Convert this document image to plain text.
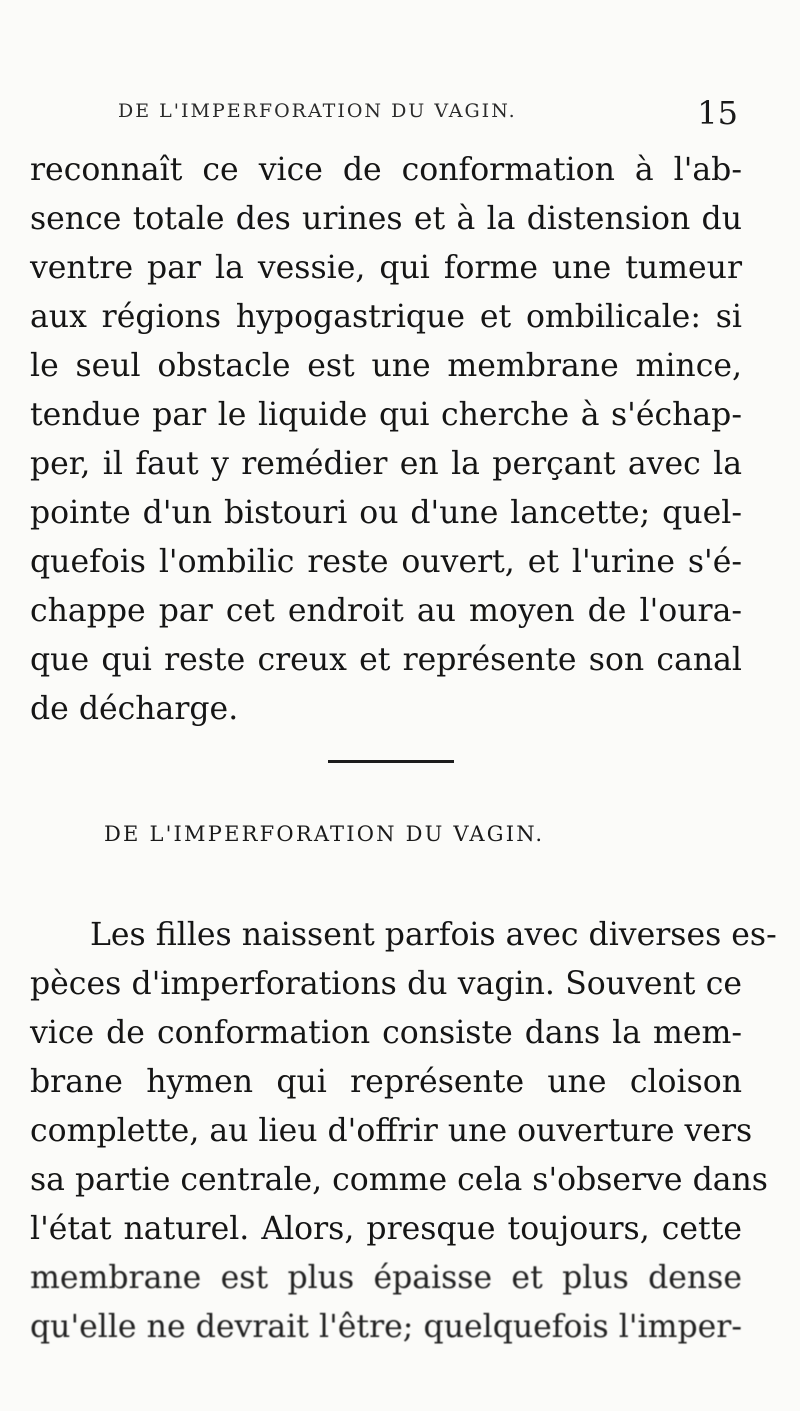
DE L'IMPERFORATION DU VAGIN.	15
reconnaît ce vice de conformation à l'ab-
sence totale des urines et à la distension du
ventre par la vessie, qui forme une tumeur
aux régions hypogastrique et ombilicale: si
le seul obstacle est une membrane mince,
tendue par le liquide qui cherche à s'échap-
per, il faut y remédier en la perçant avec la
pointe d'un bistouri ou d'une lancette; quel-
quefois l'ombilic reste ouvert, et l'urine s'é-
chappe par cet endroit au moyen de l'oura-
que qui reste creux et représente son canal
de décharge.
DE L'IMPERFORATION DU VAGIN.
Les filles naissent parfois avec diverses es-
pèces d'imperforations du vagin. Souvent ce
vice de conformation consiste dans la mem-
brane hymen qui représente une cloison
complette, au lieu d'offrir une ouverture vers
sa partie centrale, comme cela s'observe dans
l'état naturel. Alors, presque toujours, cette
membrane est plus épaisse et plus dense
qu'elle ne devrait l'être; quelquefois l'imper-
